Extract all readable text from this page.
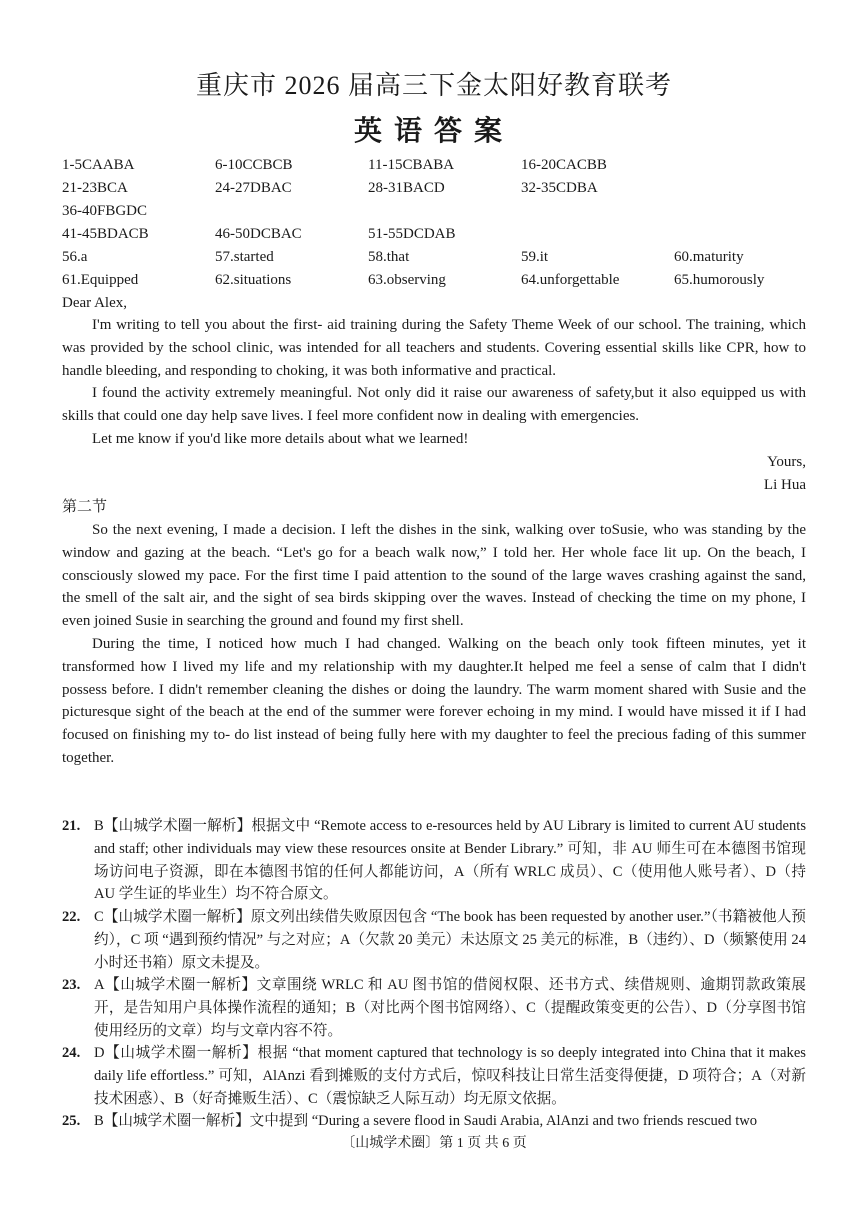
重庆市 2026 届高三下金太阳好教育联考
英语答案
1-5CAABA	6-10CCBCB	11-15CBABA	16-20CACBB
21-23BCA	24-27DBAC	28-31BACD	32-35CDBA
36-40FBGDC
41-45BDACB	46-50DCBAC	51-55DCDAB
56.a	57.started	58.that	59.it	60.maturity
61.Equipped	62.situations	63.observing	64.unforgettable	65.humorously
Dear Alex,

I'm writing to tell you about the first- aid training during the Safety Theme Week of our school. The training, which was provided by the school clinic, was intended for all teachers and students. Covering essential skills like CPR, how to handle bleeding, and responding to choking, it was both informative and practical.

I found the activity extremely meaningful. Not only did it raise our awareness of safety,but it also equipped us with skills that could one day help save lives. I feel more confident now in dealing with emergencies.

Let me know if you'd like more details about what we learned!

Yours,
Li Hua
第二节

So the next evening, I made a decision. I left the dishes in the sink, walking over toSusie, who was standing by the window and gazing at the beach. “Let's go for a beach walk now,” I told her. Her whole face lit up. On the beach, I consciously slowed my pace. For the first time I paid attention to the sound of the large waves crashing against the sand, the smell of the salt air, and the sight of sea birds skipping over the waves. Instead of checking the time on my phone, I even joined Susie in searching the ground and found my first shell.

During the time, I noticed how much I had changed. Walking on the beach only took fifteen minutes, yet it transformed how I lived my life and my relationship with my daughter.It helped me feel a sense of calm that I didn't possess before. I didn't remember cleaning the dishes or doing the laundry. The warm moment shared with Susie and the picturesque sight of the beach at the end of the summer were forever echoing in my mind. I would have missed it if I had focused on finishing my to- do list instead of being fully here with my daughter to feel the precious fading of this summer together.

21. B【山城学术圈一解析】根据文中 “Remote access to e-resources held by AU Library is limited to current AU students and staff; other individuals may view these resources onsite at Bender Library.” 可知，非 AU 师生可在本德图书馆现场访问电子资源，即在本德图书馆的任何人都能访问，A（所有 WRLC 成员）、C（使用他人账号者）、D（持 AU 学生证的毕业生）均不符合原文。
22. C【山城学术圈一解析】原文列出续借失败原因包含 “The book has been requested by another user.”（书籍被他人预约），C 项 “遇到预约情况” 与之对应；A（欠款 20 美元）未达原文 25 美元的标准，B（违约）、D（频繁使用 24 小时还书箱）原文未提及。
23. A【山城学术圈一解析】文章围绕 WRLC 和 AU 图书馆的借阅权限、还书方式、续借规则、逾期罚款政策展开，是告知用户具体操作流程的通知；B（对比两个图书馆网络）、C（提醒政策变更的公告）、D（分享图书馆使用经历的文章）均与文章内容不符。
24. D【山城学术圈一解析】根据 “that moment captured that technology is so deeply integrated into China that it makes daily life effortless.” 可知，AlAnzi 看到摊贩的支付方式后，惊叹科技让日常生活变得便捷，D 项符合；A（对新技术困惑）、B（好奇摊贩生活）、C（震惊缺乏人际互动）均无原文依据。
25. B【山城学术圈一解析】文中提到 “During a severe flood in Saudi Arabia, AlAnzi and two friends rescued two
〔山城学术圈〕第 1 页 共 6 页
